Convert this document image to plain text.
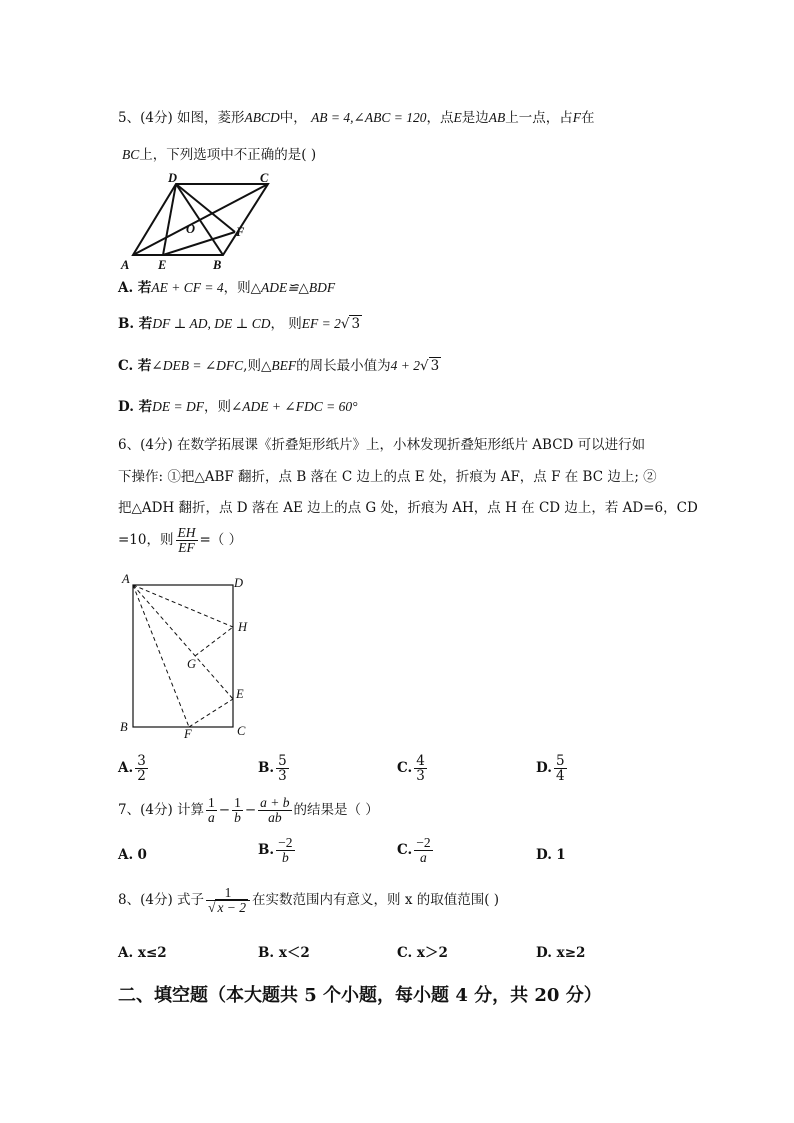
5、(4分) 如图，菱形ABCD中， AB = 4,∠ABC = 120，点E是边AB上一点，占F在
BC上，下列选项中不正确的是( )
D	C
O	F
A E	B
A. 若AE + CF = 4，则△ADE≌△BDF
B. 若DF ⊥ AD, DE ⊥ CD， 则EF = 2√ 3
C. 若∠DEB = ∠DFC,则△BEF的周长最小值为4 + 2√ 3
D. 若DE = DF，则∠ADE + ∠FDC = 60°
6、(4分) 在数学拓展课《折叠矩形纸片》上，小林发现折叠矩形纸片 ABCD 可以进行如
下操作: ①把△ABF 翻折，点 B 落在 C 边上的点 E 处，折痕为 AF，点 F 在 BC 边上; ②
把△ADH 翻折，点 D 落在 AE 边上的点 G 处，折痕为 AH，点 H 在 CD 边上，若 AD=6，CD
=10，则 $\frac{EH}{EF}$ =（ ）
A	D
H
G
E
B	F	C
A. $\frac{3}{2}$	B. $\frac{5}{3}$	C. $\frac{4}{3}$	D. $\frac{5}{4}$
7、(4分) 计算 $\frac{1}{a} - \frac{1}{b} - \frac{a + b}{ab}$ 的结果是（ ）
A. 0	B. $\frac{-2}{b}$	C. $\frac{-2}{a}$	D. 1
8、(4分) 式子 $\frac{1}{√ x - 2}$ 在实数范围内有意义，则 x 的取值范围( )
A. x≤2	B. x＜2	C. x＞2	D. x≥2
二、填空题（本大题共 5 个小题，每小题 4 分，共 20 分）
